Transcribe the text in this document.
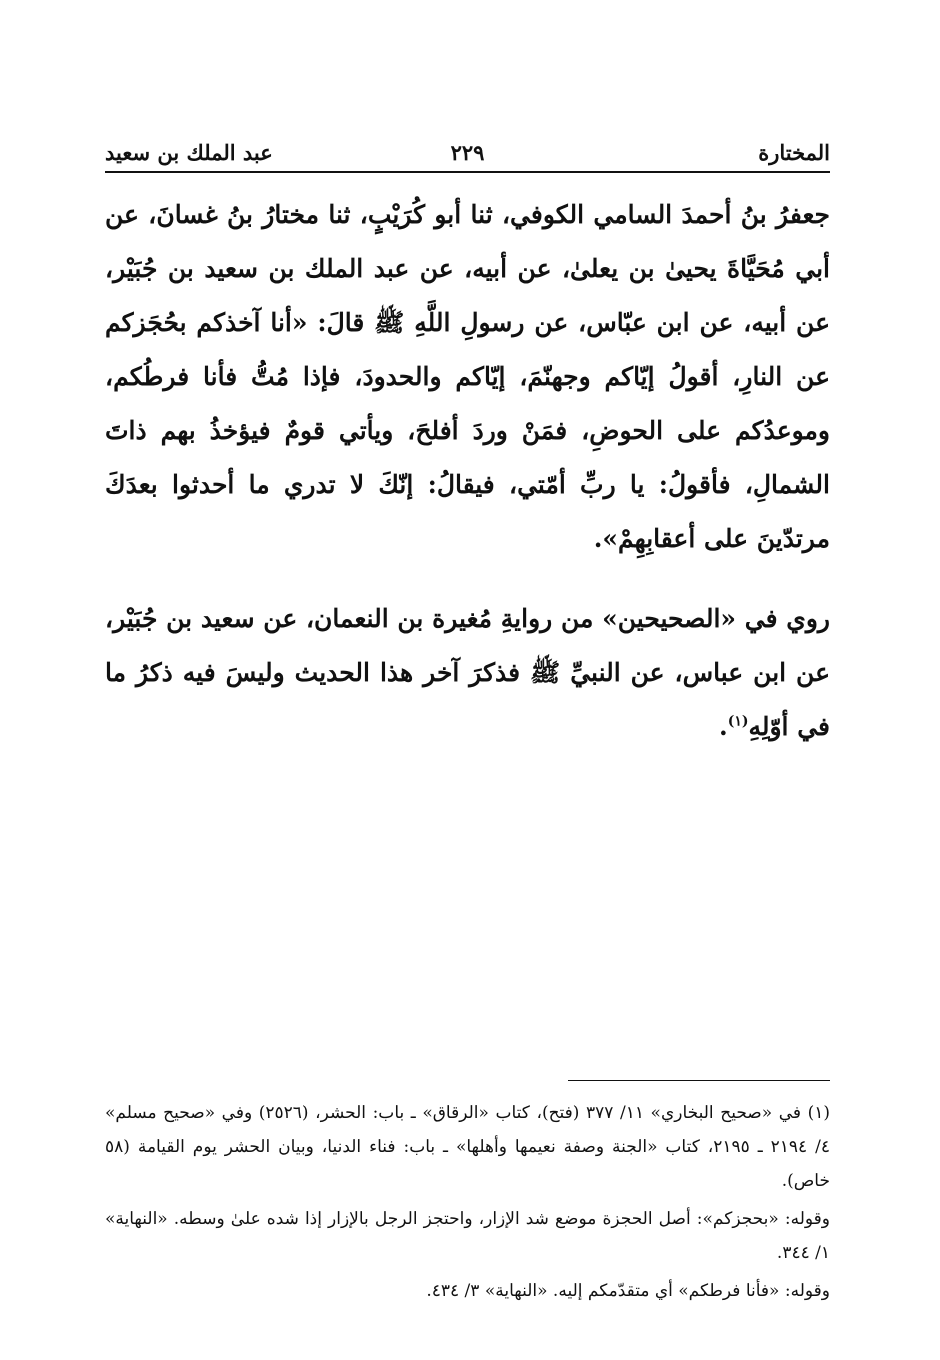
المختارة
٢٢٩
عبد الملك بن سعيد

جعفرُ بنُ أحمدَ السامي الكوفي، ثنا أبو كُرَيْبٍ، ثنا مختارُ بنُ غسانَ، عن أبي مُحَيَّاةَ يحيىٰ بن يعلىٰ، عن أبيه، عن عبد الملك بن سعيد بن جُبَيْر، عن أبيه، عن ابن عبّاس، عن رسولِ اللَّهِ ﷺ قالَ: «أنا آخذكم بحُجَزكم عن النارِ، أقولُ إيّاكم وجهنّمَ، إيّاكم والحدودَ، فإذا مُتُّ فأنا فرطُكم، وموعدُكم على الحوضِ، فمَنْ وردَ أفلحَ، ويأتي قومٌ فيؤخذُ بهم ذاتَ الشمالِ، فأقولُ: يا ربِّ أمّتي، فيقالُ: إنّكَ لا تدري ما أحدثوا بعدَكَ مرتدّينَ على أعقابِهِمْ».

روي في «الصحيحين» من روايةِ مُغيرة بن النعمان، عن سعيد بن جُبَيْر، عن ابن عباس، عن النبيِّ ﷺ فذكرَ آخر هذا الحديث وليسَ فيه ذكرُ ما في أوّلِهِ$^{(١)}$.

(١) في «صحيح البخاري» ١١/ ٣٧٧ (فتح)، كتاب «الرقاق» ـ باب: الحشر، (٢٥٢٦) وفي «صحيح مسلم» ٤/ ٢١٩٤ ـ ٢١٩٥، كتاب «الجنة وصفة نعيمها وأهلها» ـ باب: فناء الدنيا، وبيان الحشر يوم القيامة (٥٨ خاص).

وقوله: «بحجزكم»: أصل الحجزة موضع شد الإزار، واحتجز الرجل بالإزار إذا شده علىٰ وسطه. «النهاية» ١/ ٣٤٤.

وقوله: «فأنا فرطكم» أي متقدّمكم إليه. «النهاية» ٣/ ٤٣٤.
